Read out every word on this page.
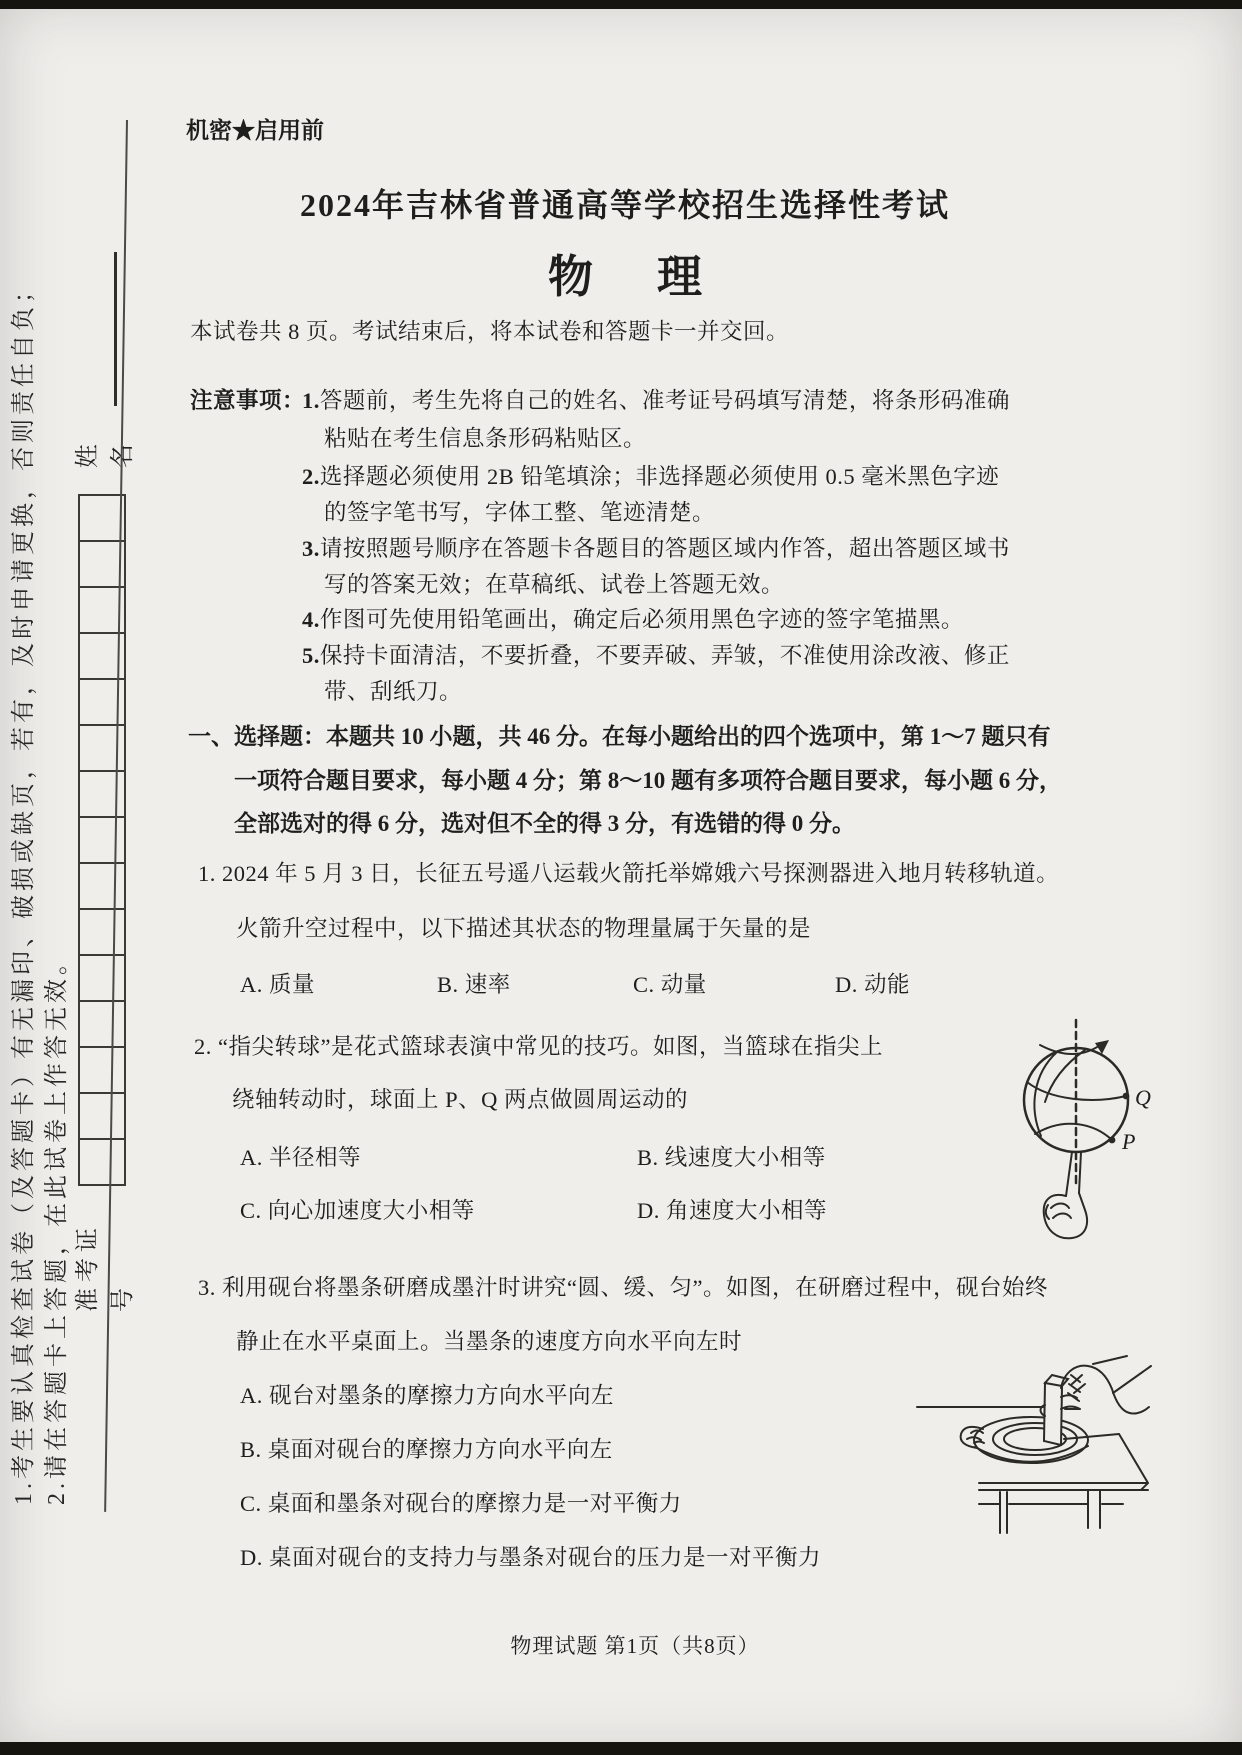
1.考生要认真检查试卷（及答题卡）有无漏印、破损或缺页，若有，及时申请更换，否则责任自负； 2.请在答题卡上答题，在此试卷上作答无效。 准考证号
姓名
机密★启用前
2024年吉林省普通高等学校招生选择性考试
物理
本试卷共 8 页。考试结束后，将本试卷和答题卡一并交回。
注意事项：
1.答题前，考生先将自己的姓名、准考证号码填写清楚，将条形码准确
粘贴在考生信息条形码粘贴区。
2.选择题必须使用 2B 铅笔填涂；非选择题必须使用 0.5 毫米黑色字迹
的签字笔书写，字体工整、笔迹清楚。
3.请按照题号顺序在答题卡各题目的答题区域内作答，超出答题区域书
写的答案无效；在草稿纸、试卷上答题无效。
4.作图可先使用铅笔画出，确定后必须用黑色字迹的签字笔描黑。
5.保持卡面清洁，不要折叠，不要弄破、弄皱，不准使用涂改液、修正
带、刮纸刀。
一、选择题：本题共 10 小题，共 46 分。在每小题给出的四个选项中，第 1～7 题只有
一项符合题目要求，每小题 4 分；第 8～10 题有多项符合题目要求，每小题 6 分，
全部选对的得 6 分，选对但不全的得 3 分，有选错的得 0 分。
1. 2024 年 5 月 3 日，长征五号遥八运载火箭托举嫦娥六号探测器进入地月转移轨道。
火箭升空过程中，以下描述其状态的物理量属于矢量的是
A. 质量	B. 速率	C. 动量	D. 动能
2. “指尖转球”是花式篮球表演中常见的技巧。如图，当篮球在指尖上
绕轴转动时，球面上 P、Q 两点做圆周运动的
A. 半径相等	B. 线速度大小相等
C. 向心加速度大小相等	D. 角速度大小相等
Q
P
3. 利用砚台将墨条研磨成墨汁时讲究“圆、缓、匀”。如图，在研磨过程中，砚台始终
静止在水平桌面上。当墨条的速度方向水平向左时
A. 砚台对墨条的摩擦力方向水平向左
B. 桌面对砚台的摩擦力方向水平向左
C. 桌面和墨条对砚台的摩擦力是一对平衡力
D. 桌面对砚台的支持力与墨条对砚台的压力是一对平衡力
物理试题 第1页（共8页）
